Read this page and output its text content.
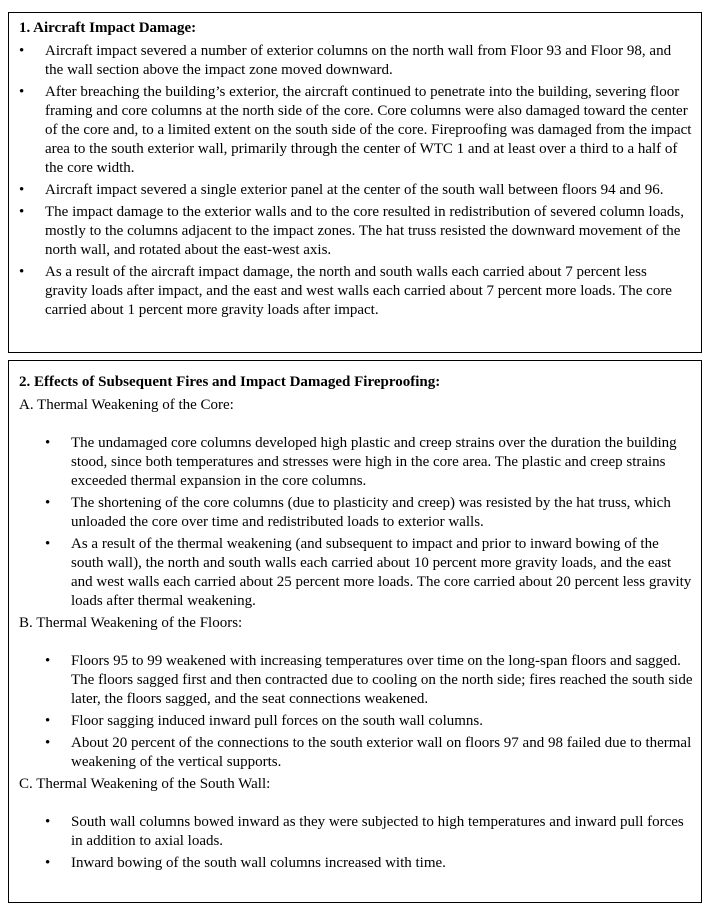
1. Aircraft Impact Damage:
• Aircraft impact severed a number of exterior columns on the north wall from Floor 93 and Floor 98, and the wall section above the impact zone moved downward.
• After breaching the building’s exterior, the aircraft continued to penetrate into the building, severing floor framing and core columns at the north side of the core. Core columns were also damaged toward the center of the core and, to a limited extent on the south side of the core. Fireproofing was damaged from the impact area to the south exterior wall, primarily through the center of WTC 1 and at least over a third to a half of the core width.
• Aircraft impact severed a single exterior panel at the center of the south wall between floors 94 and 96.
• The impact damage to the exterior walls and to the core resulted in redistribution of severed column loads, mostly to the columns adjacent to the impact zones. The hat truss resisted the downward movement of the north wall, and rotated about the east-west axis.
• As a result of the aircraft impact damage, the north and south walls each carried about 7 percent less gravity loads after impact, and the east and west walls each carried about 7 percent more loads. The core carried about 1 percent more gravity loads after impact.
2. Effects of Subsequent Fires and Impact Damaged Fireproofing:
A. Thermal Weakening of the Core:
• The undamaged core columns developed high plastic and creep strains over the duration the building stood, since both temperatures and stresses were high in the core area. The plastic and creep strains exceeded thermal expansion in the core columns.
• The shortening of the core columns (due to plasticity and creep) was resisted by the hat truss, which unloaded the core over time and redistributed loads to exterior walls.
• As a result of the thermal weakening (and subsequent to impact and prior to inward bowing of the south wall), the north and south walls each carried about 10 percent more gravity loads, and the east and west walls each carried about 25 percent more loads. The core carried about 20 percent less gravity loads after thermal weakening.
B. Thermal Weakening of the Floors:
• Floors 95 to 99 weakened with increasing temperatures over time on the long-span floors and sagged. The floors sagged first and then contracted due to cooling on the north side; fires reached the south side later, the floors sagged, and the seat connections weakened.
• Floor sagging induced inward pull forces on the south wall columns.
• About 20 percent of the connections to the south exterior wall on floors 97 and 98 failed due to thermal weakening of the vertical supports.
C. Thermal Weakening of the South Wall:
• South wall columns bowed inward as they were subjected to high temperatures and inward pull forces in addition to axial loads.
• Inward bowing of the south wall columns increased with time.
